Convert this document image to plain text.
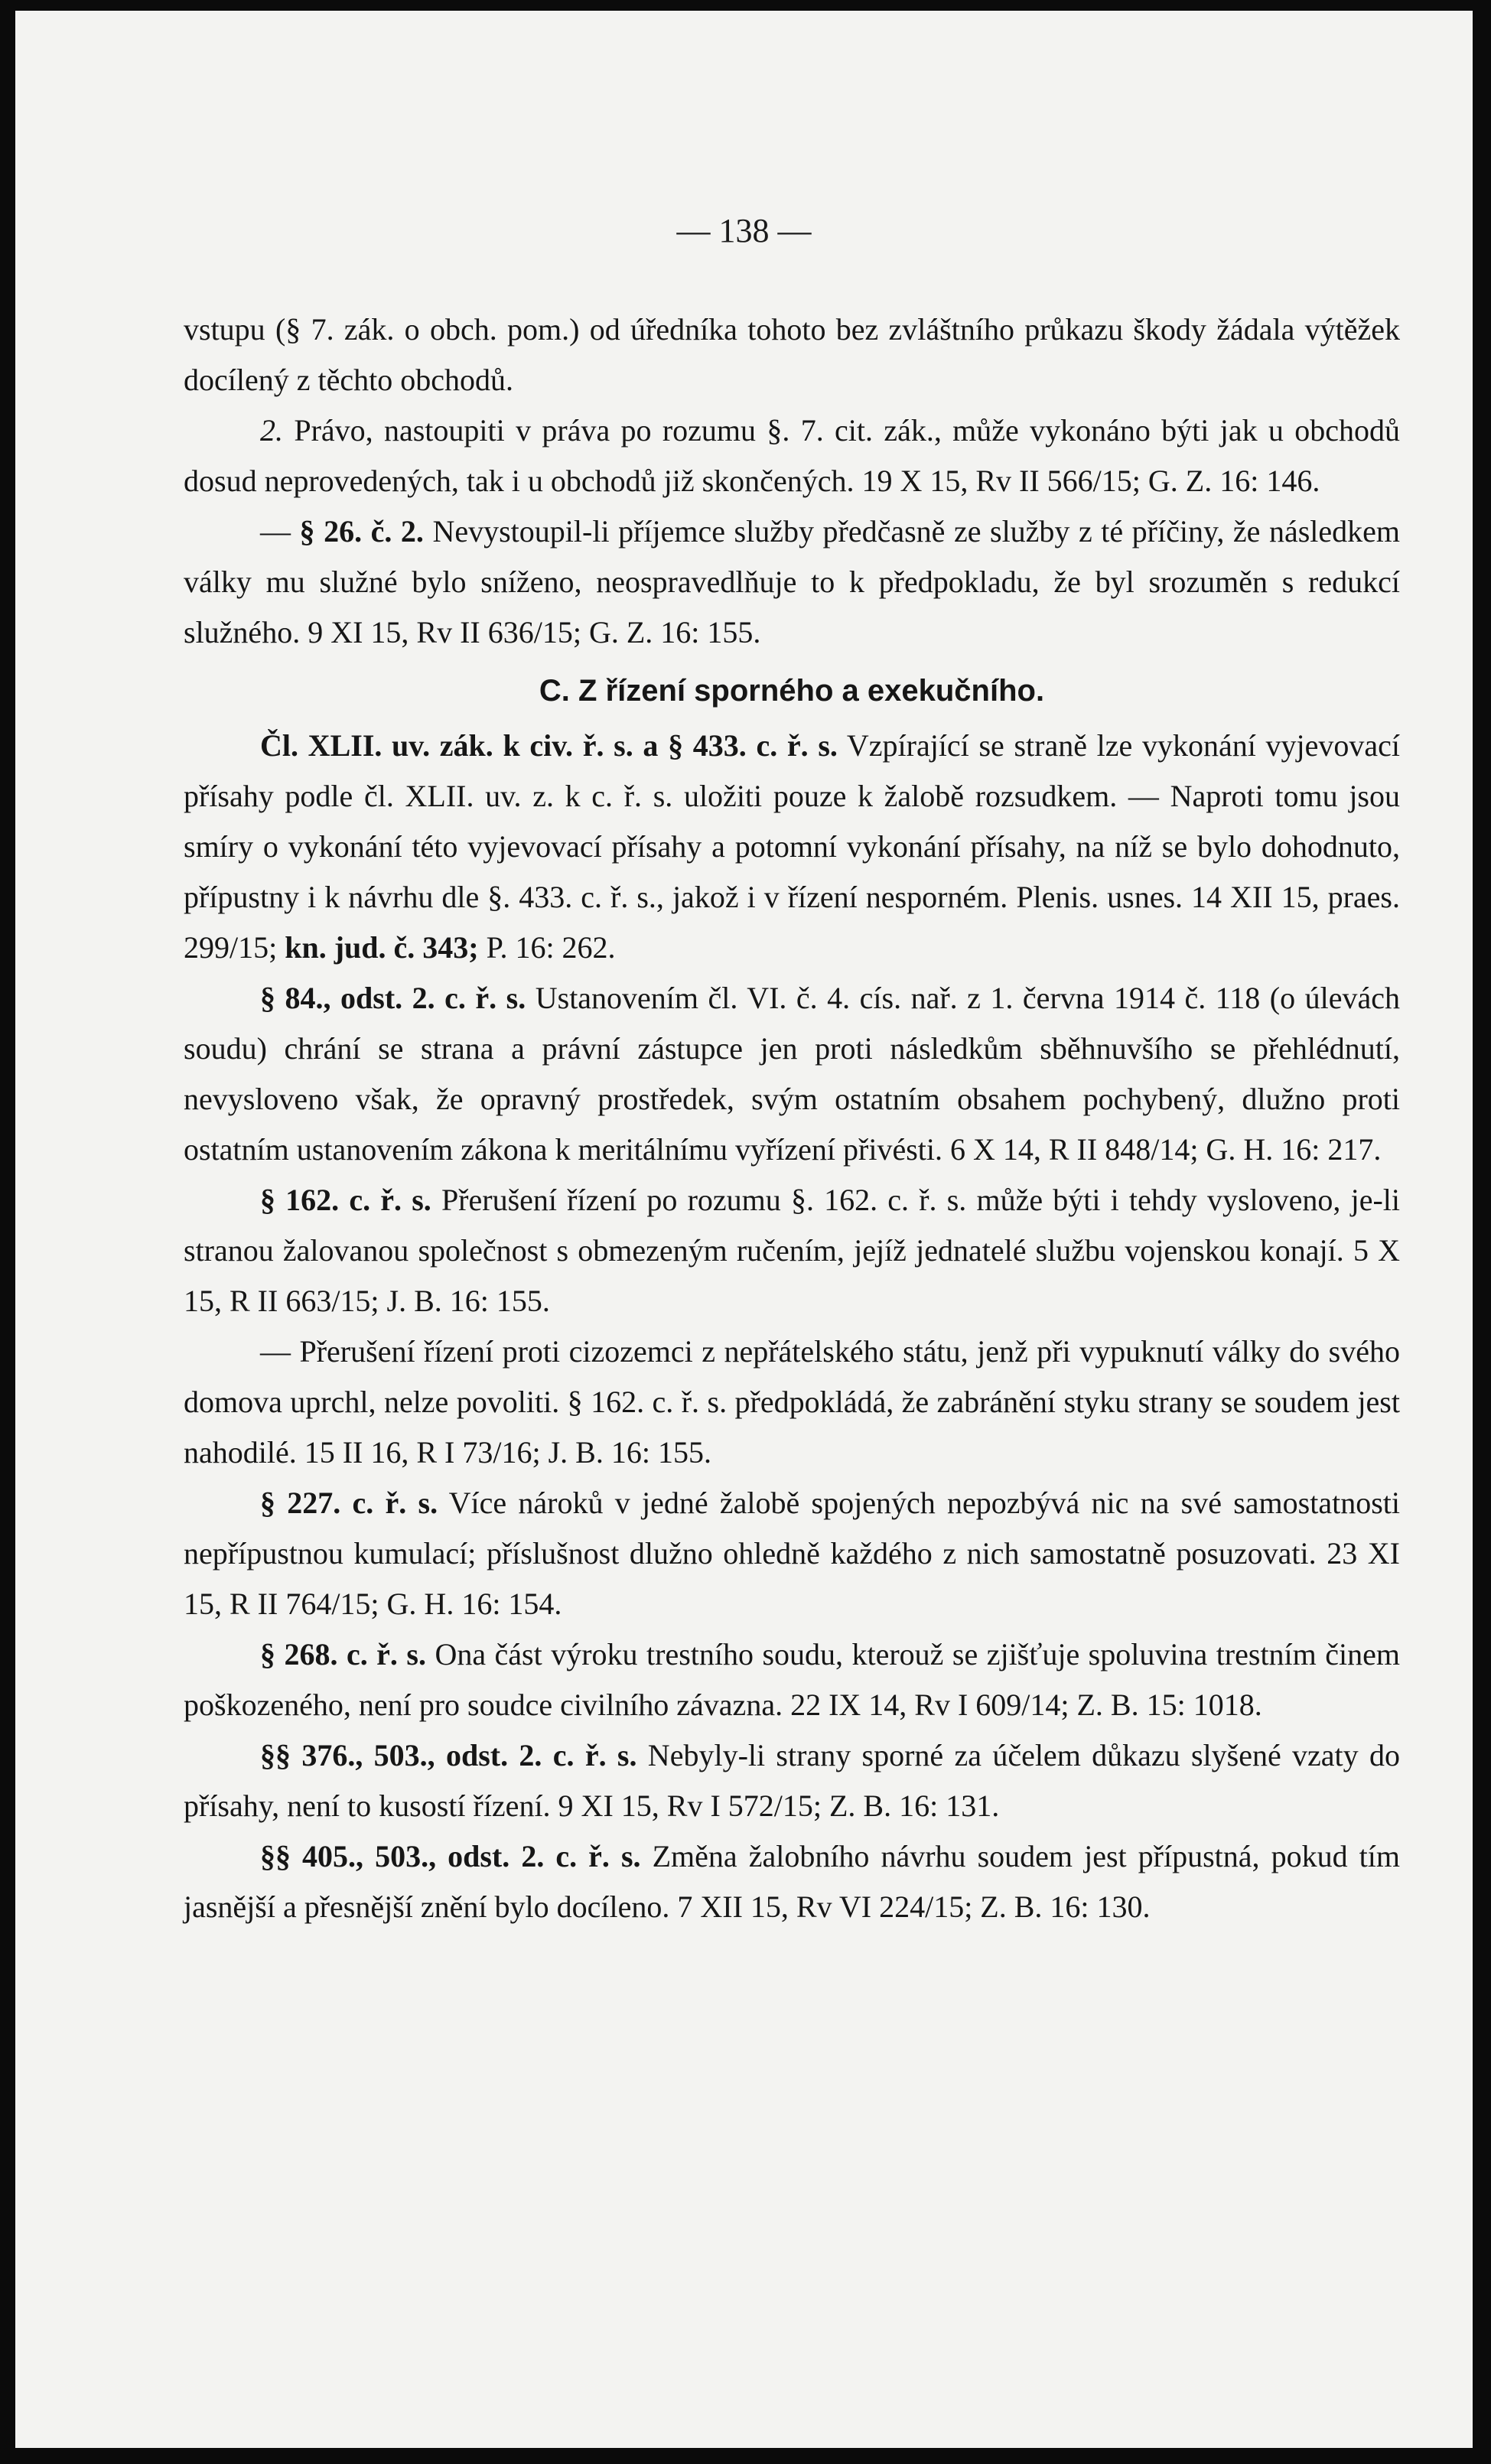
— 138 —

vstupu (§ 7. zák. o obch. pom.) od úředníka tohoto bez zvláštního průkazu škody žádala výtěžek docílený z těchto obchodů.

2. Právo, nastoupiti v práva po rozumu §. 7. cit. zák., může vykonáno býti jak u obchodů dosud neprovedených, tak i u obchodů již skončených. 19 X 15, Rv II 566/15; G. Z. 16: 146.

— § 26. č. 2. Nevystoupil-li příjemce služby předčasně ze služby z té příčiny, že následkem války mu služné bylo sníženo, neospravedlňuje to k předpokladu, že byl srozuměn s redukcí služného. 9 XI 15, Rv II 636/15; G. Z. 16: 155.

C. Z řízení sporného a exekučního.

Čl. XLII. uv. zák. k civ. ř. s. a § 433. c. ř. s. Vzpírající se straně lze vykonání vyjevovací přísahy podle čl. XLII. uv. z. k c. ř. s. uložiti pouze k žalobě rozsudkem. — Naproti tomu jsou smíry o vykonání této vyjevovací přísahy a potomní vykonání přísahy, na níž se bylo dohodnuto, přípustny i k návrhu dle §. 433. c. ř. s., jakož i v řízení nesporném. Plenis. usnes. 14 XII 15, praes. 299/15; kn. jud. č. 343; P. 16: 262.

§ 84., odst. 2. c. ř. s. Ustanovením čl. VI. č. 4. cís. nař. z 1. června 1914 č. 118 (o úlevách soudu) chrání se strana a právní zástupce jen proti následkům sběhnuvšího se přehlédnutí, nevysloveno však, že opravný prostředek, svým ostatním obsahem pochybený, dlužno proti ostatním ustanovením zákona k meritálnímu vyřízení přivésti. 6 X 14, R II 848/14; G. H. 16: 217.

§ 162. c. ř. s. Přerušení řízení po rozumu §. 162. c. ř. s. může býti i tehdy vysloveno, je-li stranou žalovanou společnost s obmezeným ručením, jejíž jednatelé službu vojenskou konají. 5 X 15, R II 663/15; J. B. 16: 155.

— Přerušení řízení proti cizozemci z nepřátelského státu, jenž při vypuknutí války do svého domova uprchl, nelze povoliti. § 162. c. ř. s. předpokládá, že zabránění styku strany se soudem jest nahodilé. 15 II 16, R I 73/16; J. B. 16: 155.

§ 227. c. ř. s. Více nároků v jedné žalobě spojených nepozbývá nic na své samostatnosti nepřípustnou kumulací; příslušnost dlužno ohledně každého z nich samostatně posuzovati. 23 XI 15, R II 764/15; G. H. 16: 154.

§ 268. c. ř. s. Ona část výroku trestního soudu, kterouž se zjišťuje spoluvina trestním činem poškozeného, není pro soudce civilního závazna. 22 IX 14, Rv I 609/14; Z. B. 15: 1018.

§§ 376., 503., odst. 2. c. ř. s. Nebyly-li strany sporné za účelem důkazu slyšené vzaty do přísahy, není to kusostí řízení. 9 XI 15, Rv I 572/15; Z. B. 16: 131.

§§ 405., 503., odst. 2. c. ř. s. Změna žalobního návrhu soudem jest přípustná, pokud tím jasnější a přesnější znění bylo docíleno. 7 XII 15, Rv VI 224/15; Z. B. 16: 130.
